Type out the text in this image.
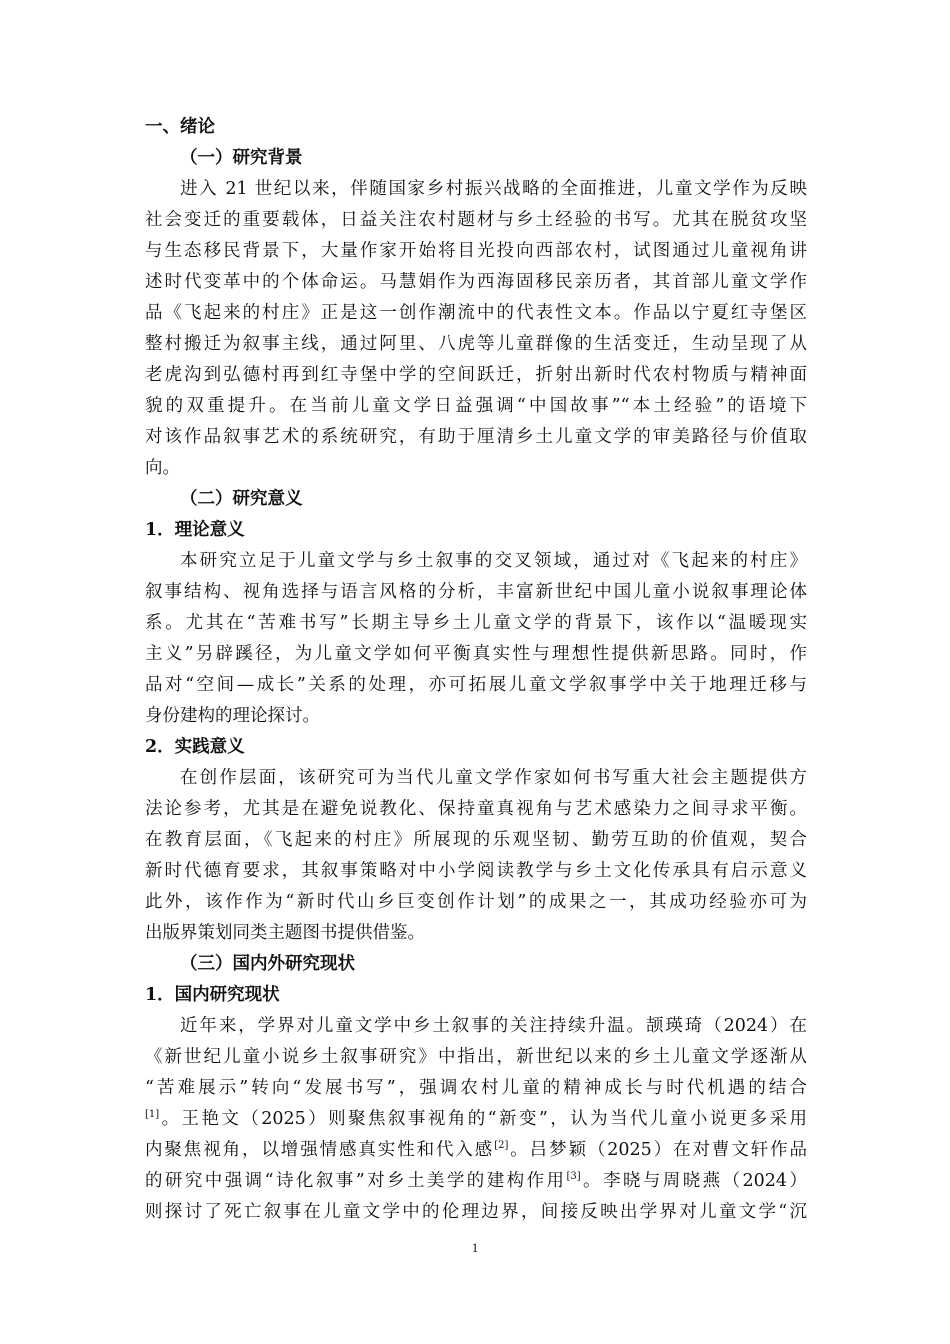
一、绪论
（一）研究背景
进入 21 世纪以来，伴随国家乡村振兴战略的全面推进，儿童文学作为反映
社会变迁的重要载体，日益关注农村题材与乡土经验的书写。尤其在脱贫攻坚
与生态移民背景下，大量作家开始将目光投向西部农村，试图通过儿童视角讲
述时代变革中的个体命运。马慧娟作为西海固移民亲历者，其首部儿童文学作
品《飞起来的村庄》正是这一创作潮流中的代表性文本。作品以宁夏红寺堡区
整村搬迁为叙事主线，通过阿里、八虎等儿童群像的生活变迁，生动呈现了从
老虎沟到弘德村再到红寺堡中学的空间跃迁，折射出新时代农村物质与精神面
貌的双重提升。在当前儿童文学日益强调“中国故事”“本土经验”的语境下
对该作品叙事艺术的系统研究，有助于厘清乡土儿童文学的审美路径与价值取
向。
（二）研究意义
1．理论意义
本研究立足于儿童文学与乡土叙事的交叉领域，通过对《飞起来的村庄》
叙事结构、视角选择与语言风格的分析，丰富新世纪中国儿童小说叙事理论体
系。尤其在“苦难书写”长期主导乡土儿童文学的背景下，该作以“温暖现实
主义”另辟蹊径，为儿童文学如何平衡真实性与理想性提供新思路。同时，作
品对“空间—成长”关系的处理，亦可拓展儿童文学叙事学中关于地理迁移与
身份建构的理论探讨。
2．实践意义
在创作层面，该研究可为当代儿童文学作家如何书写重大社会主题提供方
法论参考，尤其是在避免说教化、保持童真视角与艺术感染力之间寻求平衡。
在教育层面，《飞起来的村庄》所展现的乐观坚韧、勤劳互助的价值观，契合
新时代德育要求，其叙事策略对中小学阅读教学与乡土文化传承具有启示意义
此外，该作作为“新时代山乡巨变创作计划”的成果之一，其成功经验亦可为
出版界策划同类主题图书提供借鉴。
（三）国内外研究现状
1．国内研究现状
近年来，学界对儿童文学中乡土叙事的关注持续升温。颉瑛琦（2024）在
《新世纪儿童小说乡土叙事研究》中指出，新世纪以来的乡土儿童文学逐渐从
“苦难展示”转向“发展书写”，强调农村儿童的精神成长与时代机遇的结合
[1]。王艳文（2025）则聚焦叙事视角的“新变”，认为当代儿童小说更多采用
内聚焦视角，以增强情感真实性和代入感[2]。吕梦颖（2025）在对曹文轩作品
的研究中强调“诗化叙事”对乡土美学的建构作用[3]。李晓与周晓燕（2024）
则探讨了死亡叙事在儿童文学中的伦理边界，间接反映出学界对儿童文学“沉
1
